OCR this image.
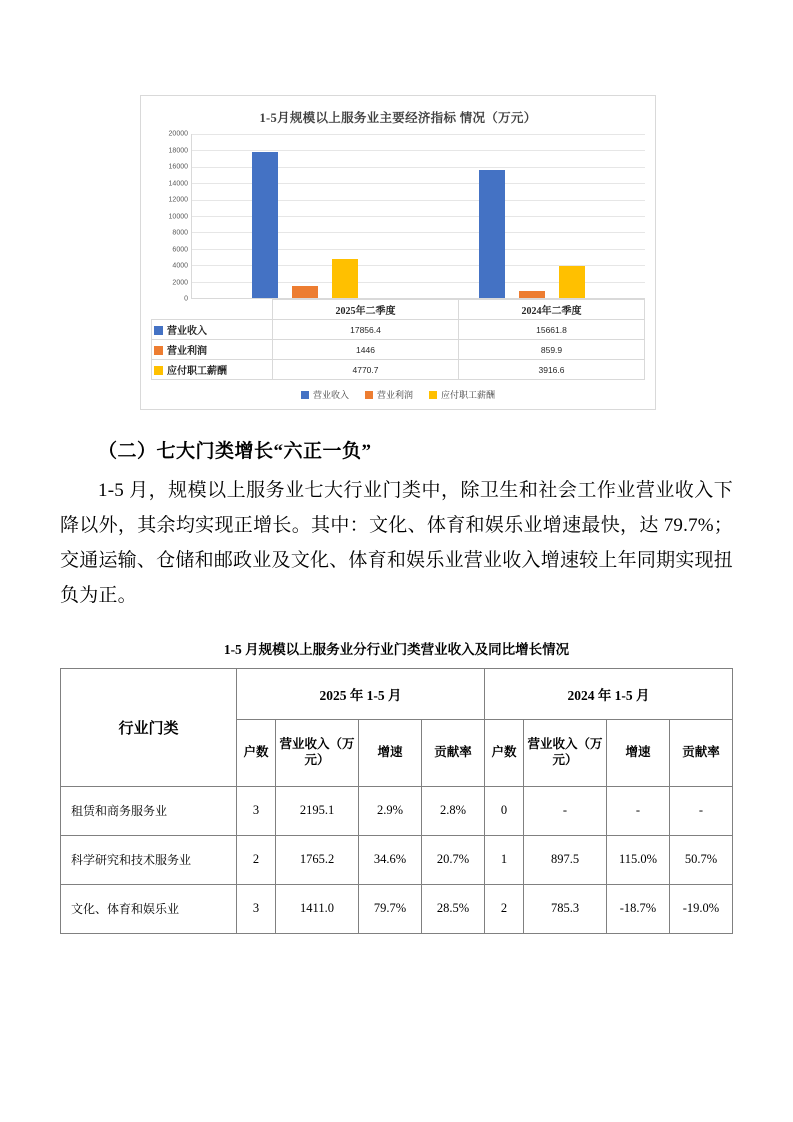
1-5月规模以上服务业主要经济指标 情况（万元）
20000
18000
16000
14000
12000
10000
8000
6000
4000
2000
0
	2025年二季度	2024年二季度
营业收入	17856.4	15661.8
营业利润	1446	859.9
应付职工薪酬	4770.7	3916.6
营业收入	营业利润	应付职工薪酬
（二）七大门类增长“六正一负”

1-5 月，规模以上服务业七大行业门类中，除卫生和社会工作业营业收入下降以外，其余均实现正增长。其中：文化、体育和娱乐业增速最快，达 79.7%；交通运输、仓储和邮政业及文化、体育和娱乐业营业收入增速较上年同期实现扭负为正。

1-5 月规模以上服务业分行业门类营业收入及同比增长情况
行业门类	2025 年 1-5 月				2024 年 1-5 月			
	户数	营业收入（万元）	增速	贡献率	户数	营业收入（万元）	增速	贡献率
租赁和商务服务业	3	2195.1	2.9%	2.8%	0	-	-	-
科学研究和技术服务业	2	1765.2	34.6%	20.7%	1	897.5	115.0%	50.7%
文化、体育和娱乐业	3	1411.0	79.7%	28.5%	2	785.3	-18.7%	-19.0%
